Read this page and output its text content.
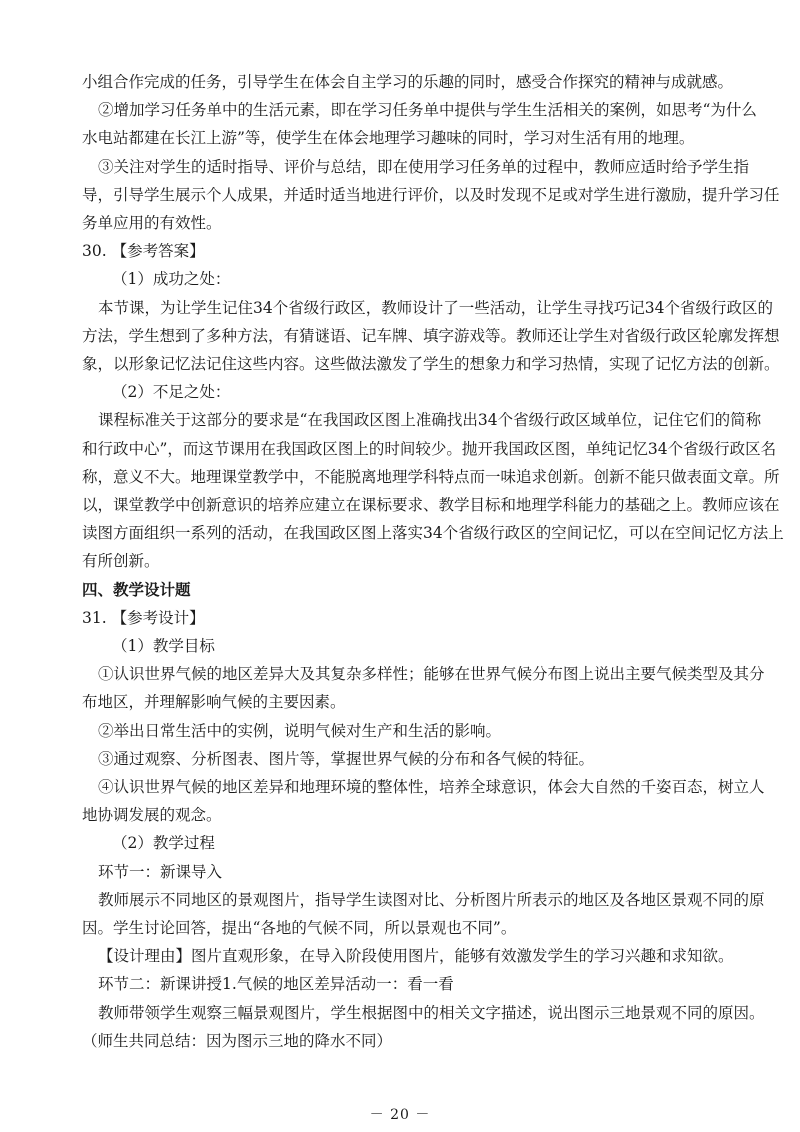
小组合作完成的任务，引导学生在体会自主学习的乐趣的同时，感受合作探究的精神与成就感。
②增加学习任务单中的生活元素，即在学习任务单中提供与学生生活相关的案例，如思考“为什么
水电站都建在长江上游”等，使学生在体会地理学习趣味的同时，学习对生活有用的地理。
③关注对学生的适时指导、评价与总结，即在使用学习任务单的过程中，教师应适时给予学生指
导，引导学生展示个人成果，并适时适当地进行评价，以及时发现不足或对学生进行激励，提升学习任
务单应用的有效性。
30. 【参考答案】
（1）成功之处：
本节课，为让学生记住34个省级行政区，教师设计了一些活动，让学生寻找巧记34个省级行政区的
方法，学生想到了多种方法，有猜谜语、记车牌、填字游戏等。教师还让学生对省级行政区轮廓发挥想
象，以形象记忆法记住这些内容。这些做法激发了学生的想象力和学习热情，实现了记忆方法的创新。
（2）不足之处：
课程标准关于这部分的要求是“在我国政区图上准确找出34个省级行政区域单位，记住它们的简称
和行政中心”，而这节课用在我国政区图上的时间较少。抛开我国政区图，单纯记忆34个省级行政区名
称，意义不大。地理课堂教学中，不能脱离地理学科特点而一味追求创新。创新不能只做表面文章。所
以，课堂教学中创新意识的培养应建立在课标要求、教学目标和地理学科能力的基础之上。教师应该在
读图方面组织一系列的活动，在我国政区图上落实34个省级行政区的空间记忆，可以在空间记忆方法上
有所创新。
四、教学设计题
31. 【参考设计】
（1）教学目标
①认识世界气候的地区差异大及其复杂多样性；能够在世界气候分布图上说出主要气候类型及其分
布地区，并理解影响气候的主要因素。
②举出日常生活中的实例，说明气候对生产和生活的影响。
③通过观察、分析图表、图片等，掌握世界气候的分布和各气候的特征。
④认识世界气候的地区差异和地理环境的整体性，培养全球意识，体会大自然的千姿百态，树立人
地协调发展的观念。
（2）教学过程
环节一：新课导入
教师展示不同地区的景观图片，指导学生读图对比、分析图片所表示的地区及各地区景观不同的原
因。学生讨论回答，提出“各地的气候不同，所以景观也不同”。
【设计理由】图片直观形象，在导入阶段使用图片，能够有效激发学生的学习兴趣和求知欲。
环节二：新课讲授1.气候的地区差异活动一：看一看
－ 20 －
教师带领学生观察三幅景观图片，学生根据图中的相关文字描述，说出图示三地景观不同的原因。
（师生共同总结：因为图示三地的降水不同）
